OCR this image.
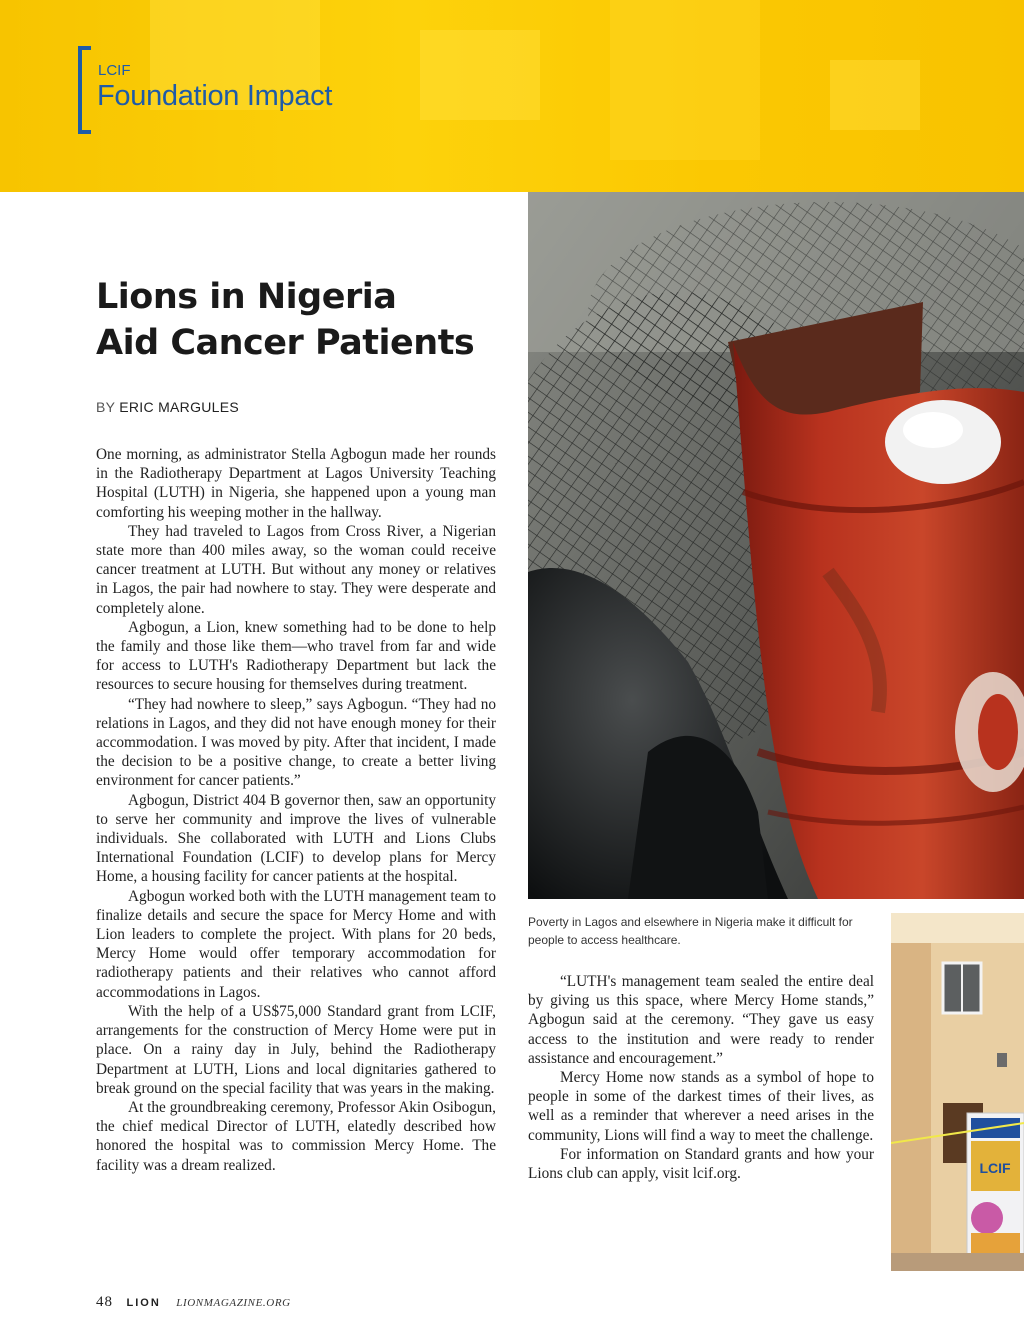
LCIF
Foundation Impact
Lions in Nigeria
Aid Cancer Patients
BY ERIC MARGULES

One morning, as administrator Stella Agbogun made her rounds in the Radiotherapy Department at Lagos University Teaching Hospital (LUTH) in Nigeria, she happened upon a young man comforting his weeping mother in the hallway.

They had traveled to Lagos from Cross River, a Nigerian state more than 400 miles away, so the woman could receive cancer treatment at LUTH. But without any money or relatives in Lagos, the pair had nowhere to stay. They were desperate and completely alone.

Agbogun, a Lion, knew something had to be done to help the family and those like them—who travel from far and wide for access to LUTH's Radiotherapy Department but lack the resources to secure housing for themselves during treatment.

“They had nowhere to sleep,” says Agbogun. “They had no relations in Lagos, and they did not have enough money for their accommodation. I was moved by pity. After that incident, I made the decision to be a positive change, to create a better living environment for cancer patients.”

Agbogun, District 404 B governor then, saw an opportunity to serve her community and improve the lives of vulnerable individuals. She collaborated with LUTH and Lions Clubs International Foundation (LCIF) to develop plans for Mercy Home, a housing facility for cancer patients at the hospital.

Agbogun worked both with the LUTH management team to finalize details and secure the space for Mercy Home and with Lion leaders to complete the project. With plans for 20 beds, Mercy Home would offer temporary accommodation for radiotherapy patients and their relatives who cannot afford accommodations in Lagos.

With the help of a US$75,000 Standard grant from LCIF, arrangements for the construction of Mercy Home were put in place. On a rainy day in July, behind the Radiotherapy Department at LUTH, Lions and local dignitaries gathered to break ground on the special facility that was years in the making.

At the groundbreaking ceremony, Professor Akin Osibogun, the chief medical Director of LUTH, elatedly described how honored the hospital was to commission Mercy Home. The facility was a dream realized.

Poverty in Lagos and elsewhere in Nigeria make it difficult for people to access healthcare.
LCIF

“LUTH's management team sealed the entire deal by giving us this space, where Mercy Home stands,” Agbogun said at the ceremony. “They gave us easy access to the institution and were ready to render assistance and encouragement.”

Mercy Home now stands as a symbol of hope to people in some of the darkest times of their lives, as well as a reminder that wherever a need arises in the community, Lions will find a way to meet the challenge.

For information on Standard grants and how your Lions club can apply, visit lcif.org.

48 LION LIONMAGAZINE.ORG
